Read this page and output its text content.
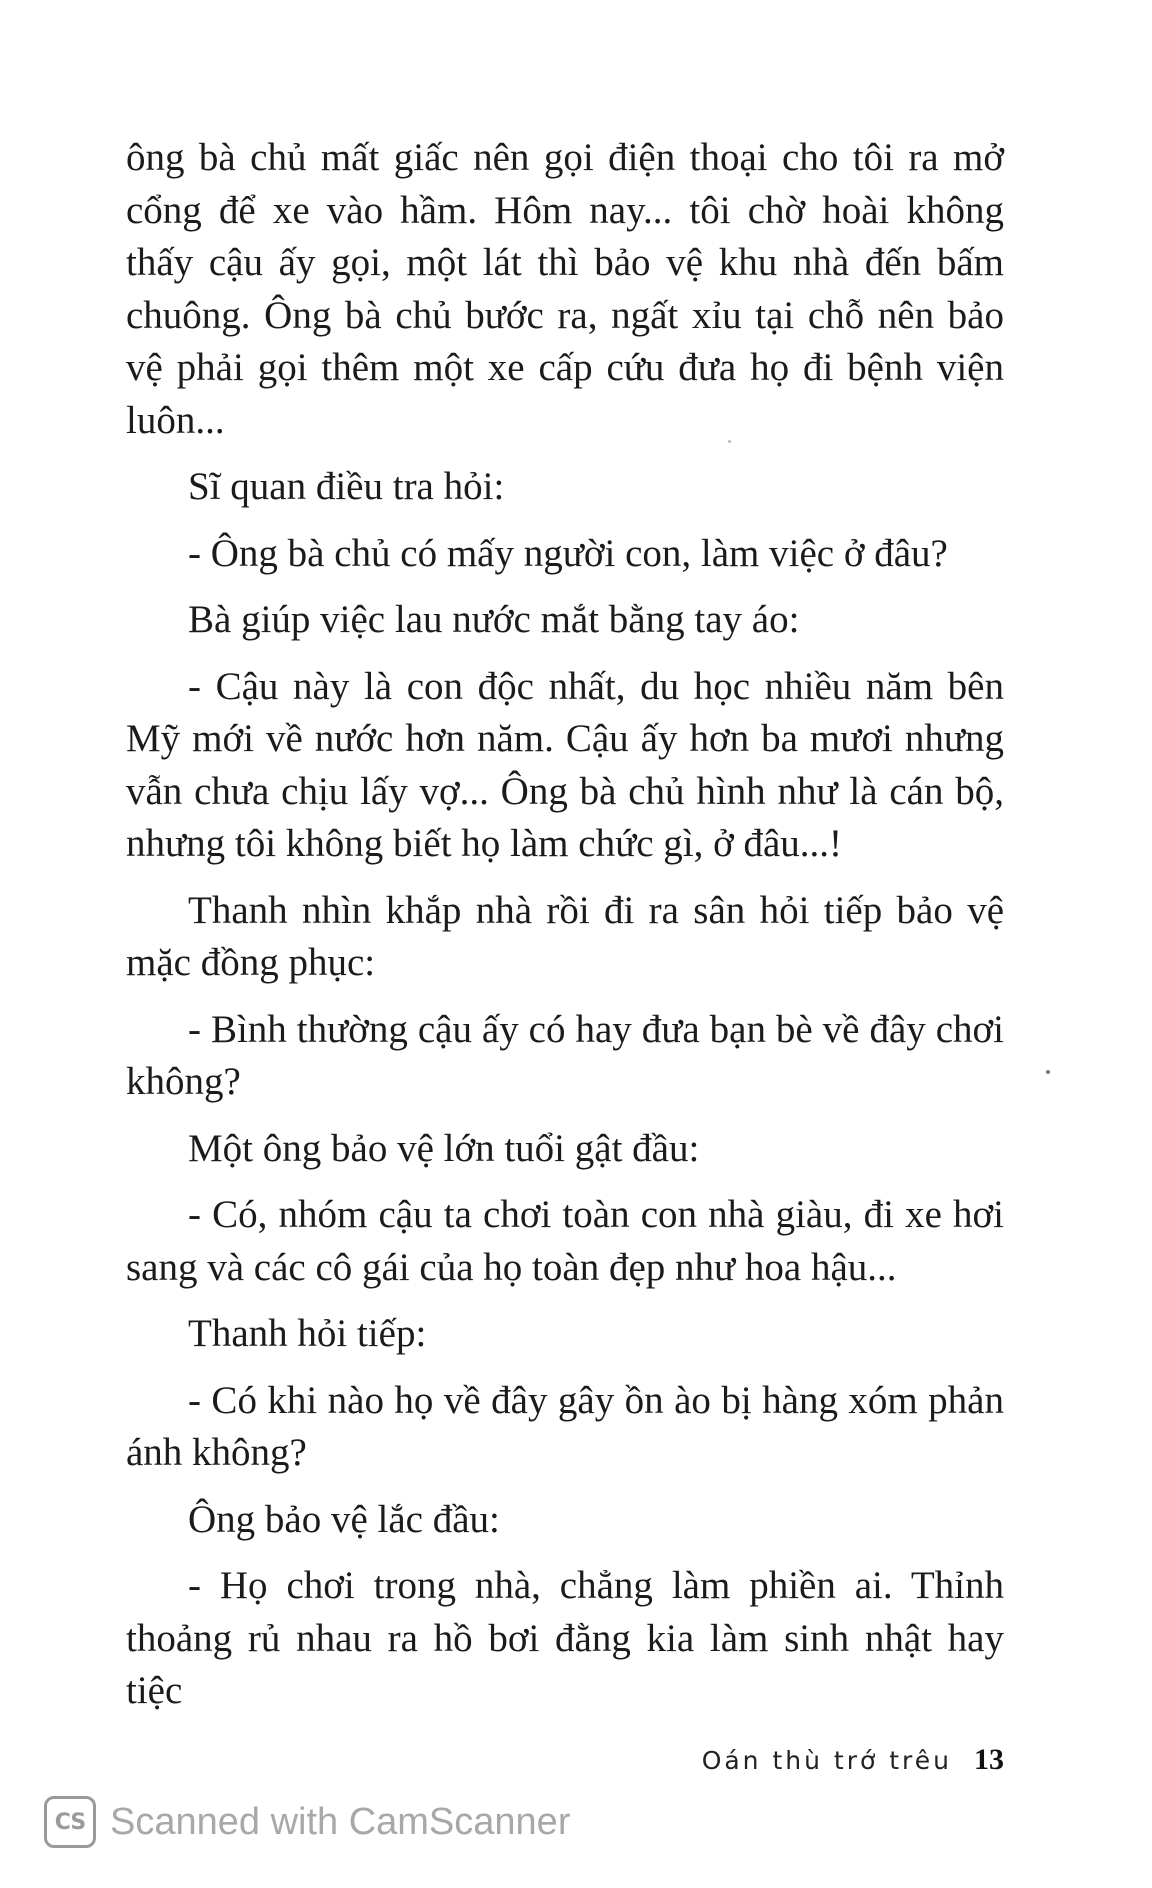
ông bà chủ mất giấc nên gọi điện thoại cho tôi ra mở cổng để xe vào hầm. Hôm nay... tôi chờ hoài không thấy cậu ấy gọi, một lát thì bảo vệ khu nhà đến bấm chuông. Ông bà chủ bước ra, ngất xỉu tại chỗ nên bảo vệ phải gọi thêm một xe cấp cứu đưa họ đi bệnh viện luôn...

Sĩ quan điều tra hỏi:

- Ông bà chủ có mấy người con, làm việc ở đâu?

Bà giúp việc lau nước mắt bằng tay áo:

- Cậu này là con độc nhất, du học nhiều năm bên Mỹ mới về nước hơn năm. Cậu ấy hơn ba mươi nhưng vẫn chưa chịu lấy vợ... Ông bà chủ hình như là cán bộ, nhưng tôi không biết họ làm chức gì, ở đâu...!

Thanh nhìn khắp nhà rồi đi ra sân hỏi tiếp bảo vệ mặc đồng phục:

- Bình thường cậu ấy có hay đưa bạn bè về đây chơi không?

Một ông bảo vệ lớn tuổi gật đầu:

- Có, nhóm cậu ta chơi toàn con nhà giàu, đi xe hơi sang và các cô gái của họ toàn đẹp như hoa hậu...

Thanh hỏi tiếp:

- Có khi nào họ về đây gây ồn ào bị hàng xóm phản ánh không?

Ông bảo vệ lắc đầu:

- Họ chơi trong nhà, chẳng làm phiền ai. Thỉnh thoảng rủ nhau ra hồ bơi đằng kia làm sinh nhật hay tiệc

Oán thù trớ trêu 13
CS Scanned with CamScanner
